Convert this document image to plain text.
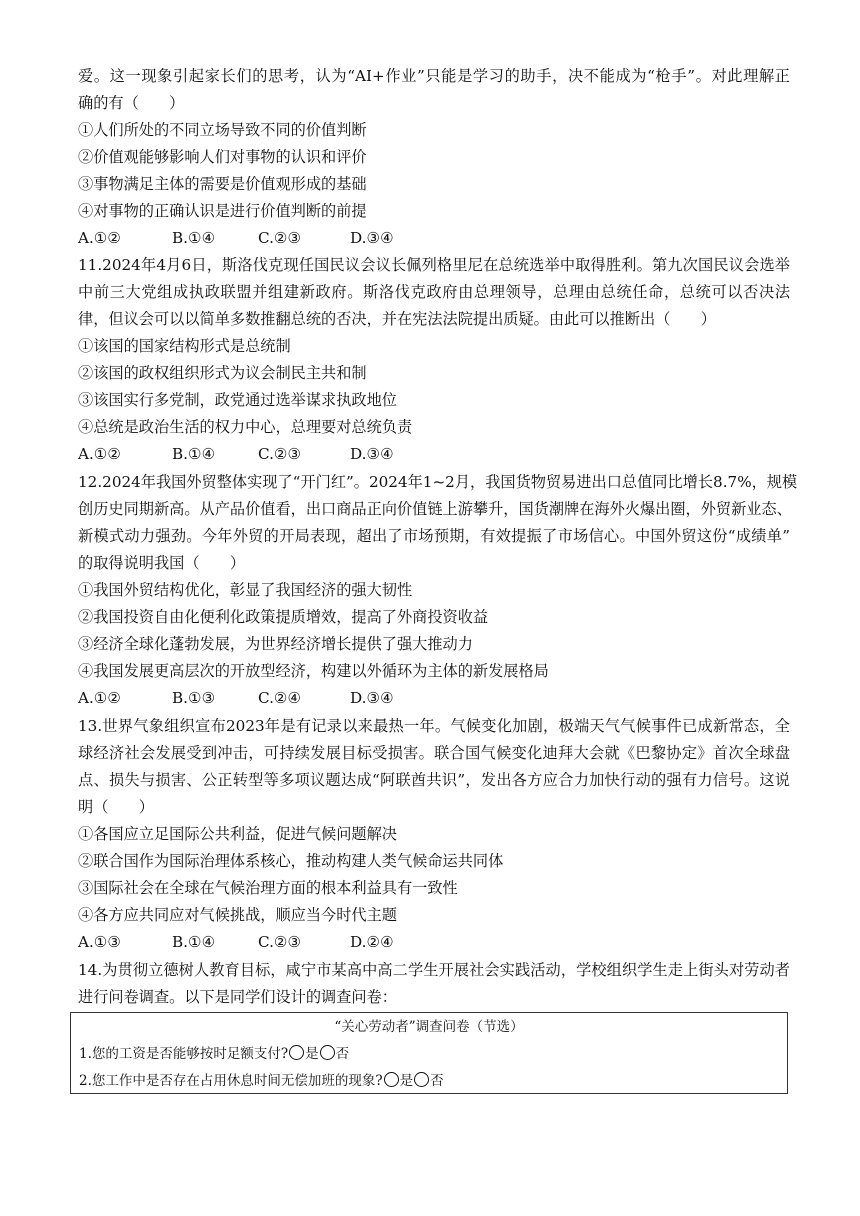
爱。这一现象引起家长们的思考，认为“AI+作业”只能是学习的助手，决不能成为“枪手”。对此理解正
确的有（　　）
①人们所处的不同立场导致不同的价值判断
②价值观能够影响人们对事物的认识和评价
③事物满足主体的需要是价值观形成的基础
④对事物的正确认识是进行价值判断的前提
A.①②	B.①④	C.②③	D.③④
11.2024年4月6日，斯洛伐克现任国民议会议长佩列格里尼在总统选举中取得胜利。第九次国民议会选举
中前三大党组成执政联盟并组建新政府。斯洛伐克政府由总理领导，总理由总统任命，总统可以否决法
律，但议会可以以简单多数推翻总统的否决，并在宪法法院提出质疑。由此可以推断出（　　）
①该国的国家结构形式是总统制
②该国的政权组织形式为议会制民主共和制
③该国实行多党制，政党通过选举谋求执政地位
④总统是政治生活的权力中心，总理要对总统负责
A.①②	B.①④	C.②③	D.③④
12.2024年我国外贸整体实现了“开门红”。2024年1~2月，我国货物贸易进出口总值同比增长8.7%，规模
创历史同期新高。从产品价值看，出口商品正向价值链上游攀升，国货潮牌在海外火爆出圈，外贸新业态、
新模式动力强劲。今年外贸的开局表现，超出了市场预期，有效提振了市场信心。中国外贸这份“成绩单”
的取得说明我国（　　）
①我国外贸结构优化，彰显了我国经济的强大韧性
②我国投资自由化便利化政策提质增效，提高了外商投资收益
③经济全球化蓬勃发展，为世界经济增长提供了强大推动力
④我国发展更高层次的开放型经济，构建以外循环为主体的新发展格局
A.①②	B.①③	C.②④	D.③④
13.世界气象组织宣布2023年是有记录以来最热一年。气候变化加剧，极端天气气候事件已成新常态，全
球经济社会发展受到冲击，可持续发展目标受损害。联合国气候变化迪拜大会就《巴黎协定》首次全球盘
点、损失与损害、公正转型等多项议题达成“阿联酋共识”，发出各方应合力加快行动的强有力信号。这说
明（　　）
①各国应立足国际公共利益，促进气候问题解决
②联合国作为国际治理体系核心，推动构建人类气候命运共同体
③国际社会在全球在气候治理方面的根本利益具有一致性
④各方应共同应对气候挑战，顺应当今时代主题
A.①③	B.①④	C.②③	D.②④
14.为贯彻立德树人教育目标，咸宁市某高中高二学生开展社会实践活动，学校组织学生走上街头对劳动者
进行问卷调查。以下是同学们设计的调查问卷：
“关心劳动者”调查问卷（节选）
1.您的工资是否能够按时足额支付? 是 否
2.您工作中是否存在占用休息时间无偿加班的现象? 是 否
